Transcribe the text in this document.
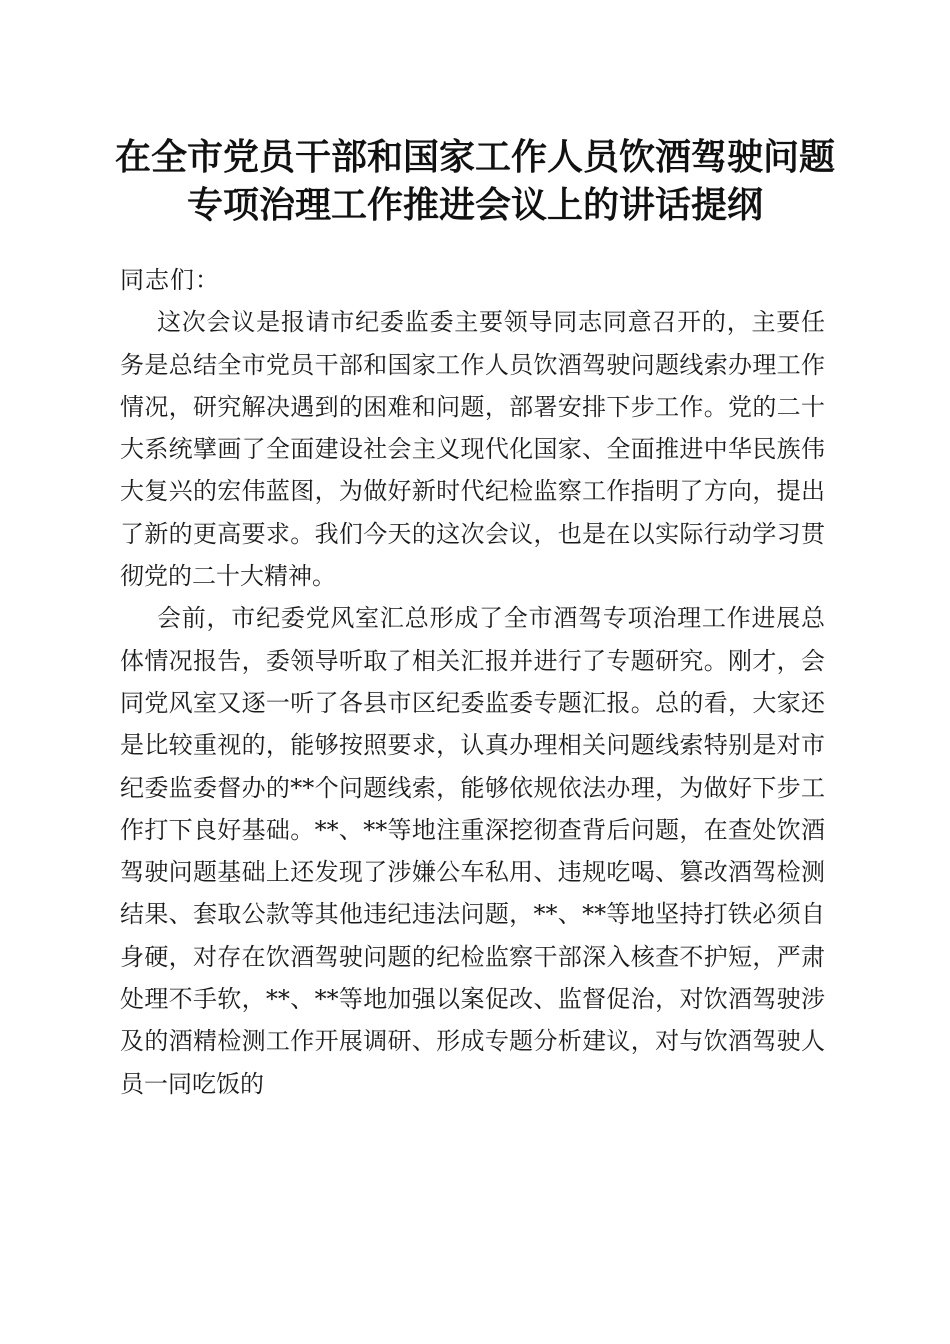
在全市党员干部和国家工作人员饮酒驾驶问题
专项治理工作推进会议上的讲话提纲

同志们：

这次会议是报请市纪委监委主要领导同志同意召开的，主要任务是总结全市党员干部和国家工作人员饮酒驾驶问题线索办理工作情况，研究解决遇到的困难和问题，部署安排下步工作。党的二十大系统擘画了全面建设社会主义现代化国家、全面推进中华民族伟大复兴的宏伟蓝图，为做好新时代纪检监察工作指明了方向，提出了新的更高要求。我们今天的这次会议，也是在以实际行动学习贯彻党的二十大精神。

会前，市纪委党风室汇总形成了全市酒驾专项治理工作进展总体情况报告，委领导听取了相关汇报并进行了专题研究。刚才，会同党风室又逐一听了各县市区纪委监委专题汇报。总的看，大家还是比较重视的，能够按照要求，认真办理相关问题线索特别是对市纪委监委督办的**个问题线索，能够依规依法办理，为做好下步工作打下良好基础。**、**等地注重深挖彻查背后问题，在查处饮酒驾驶问题基础上还发现了涉嫌公车私用、违规吃喝、篡改酒驾检测结果、套取公款等其他违纪违法问题，**、**等地坚持打铁必须自身硬，对存在饮酒驾驶问题的纪检监察干部深入核查不护短，严肃处理不手软，**、**等地加强以案促改、监督促治，对饮酒驾驶涉及的酒精检测工作开展调研、形成专题分析建议，对与饮酒驾驶人员一同吃饭的
